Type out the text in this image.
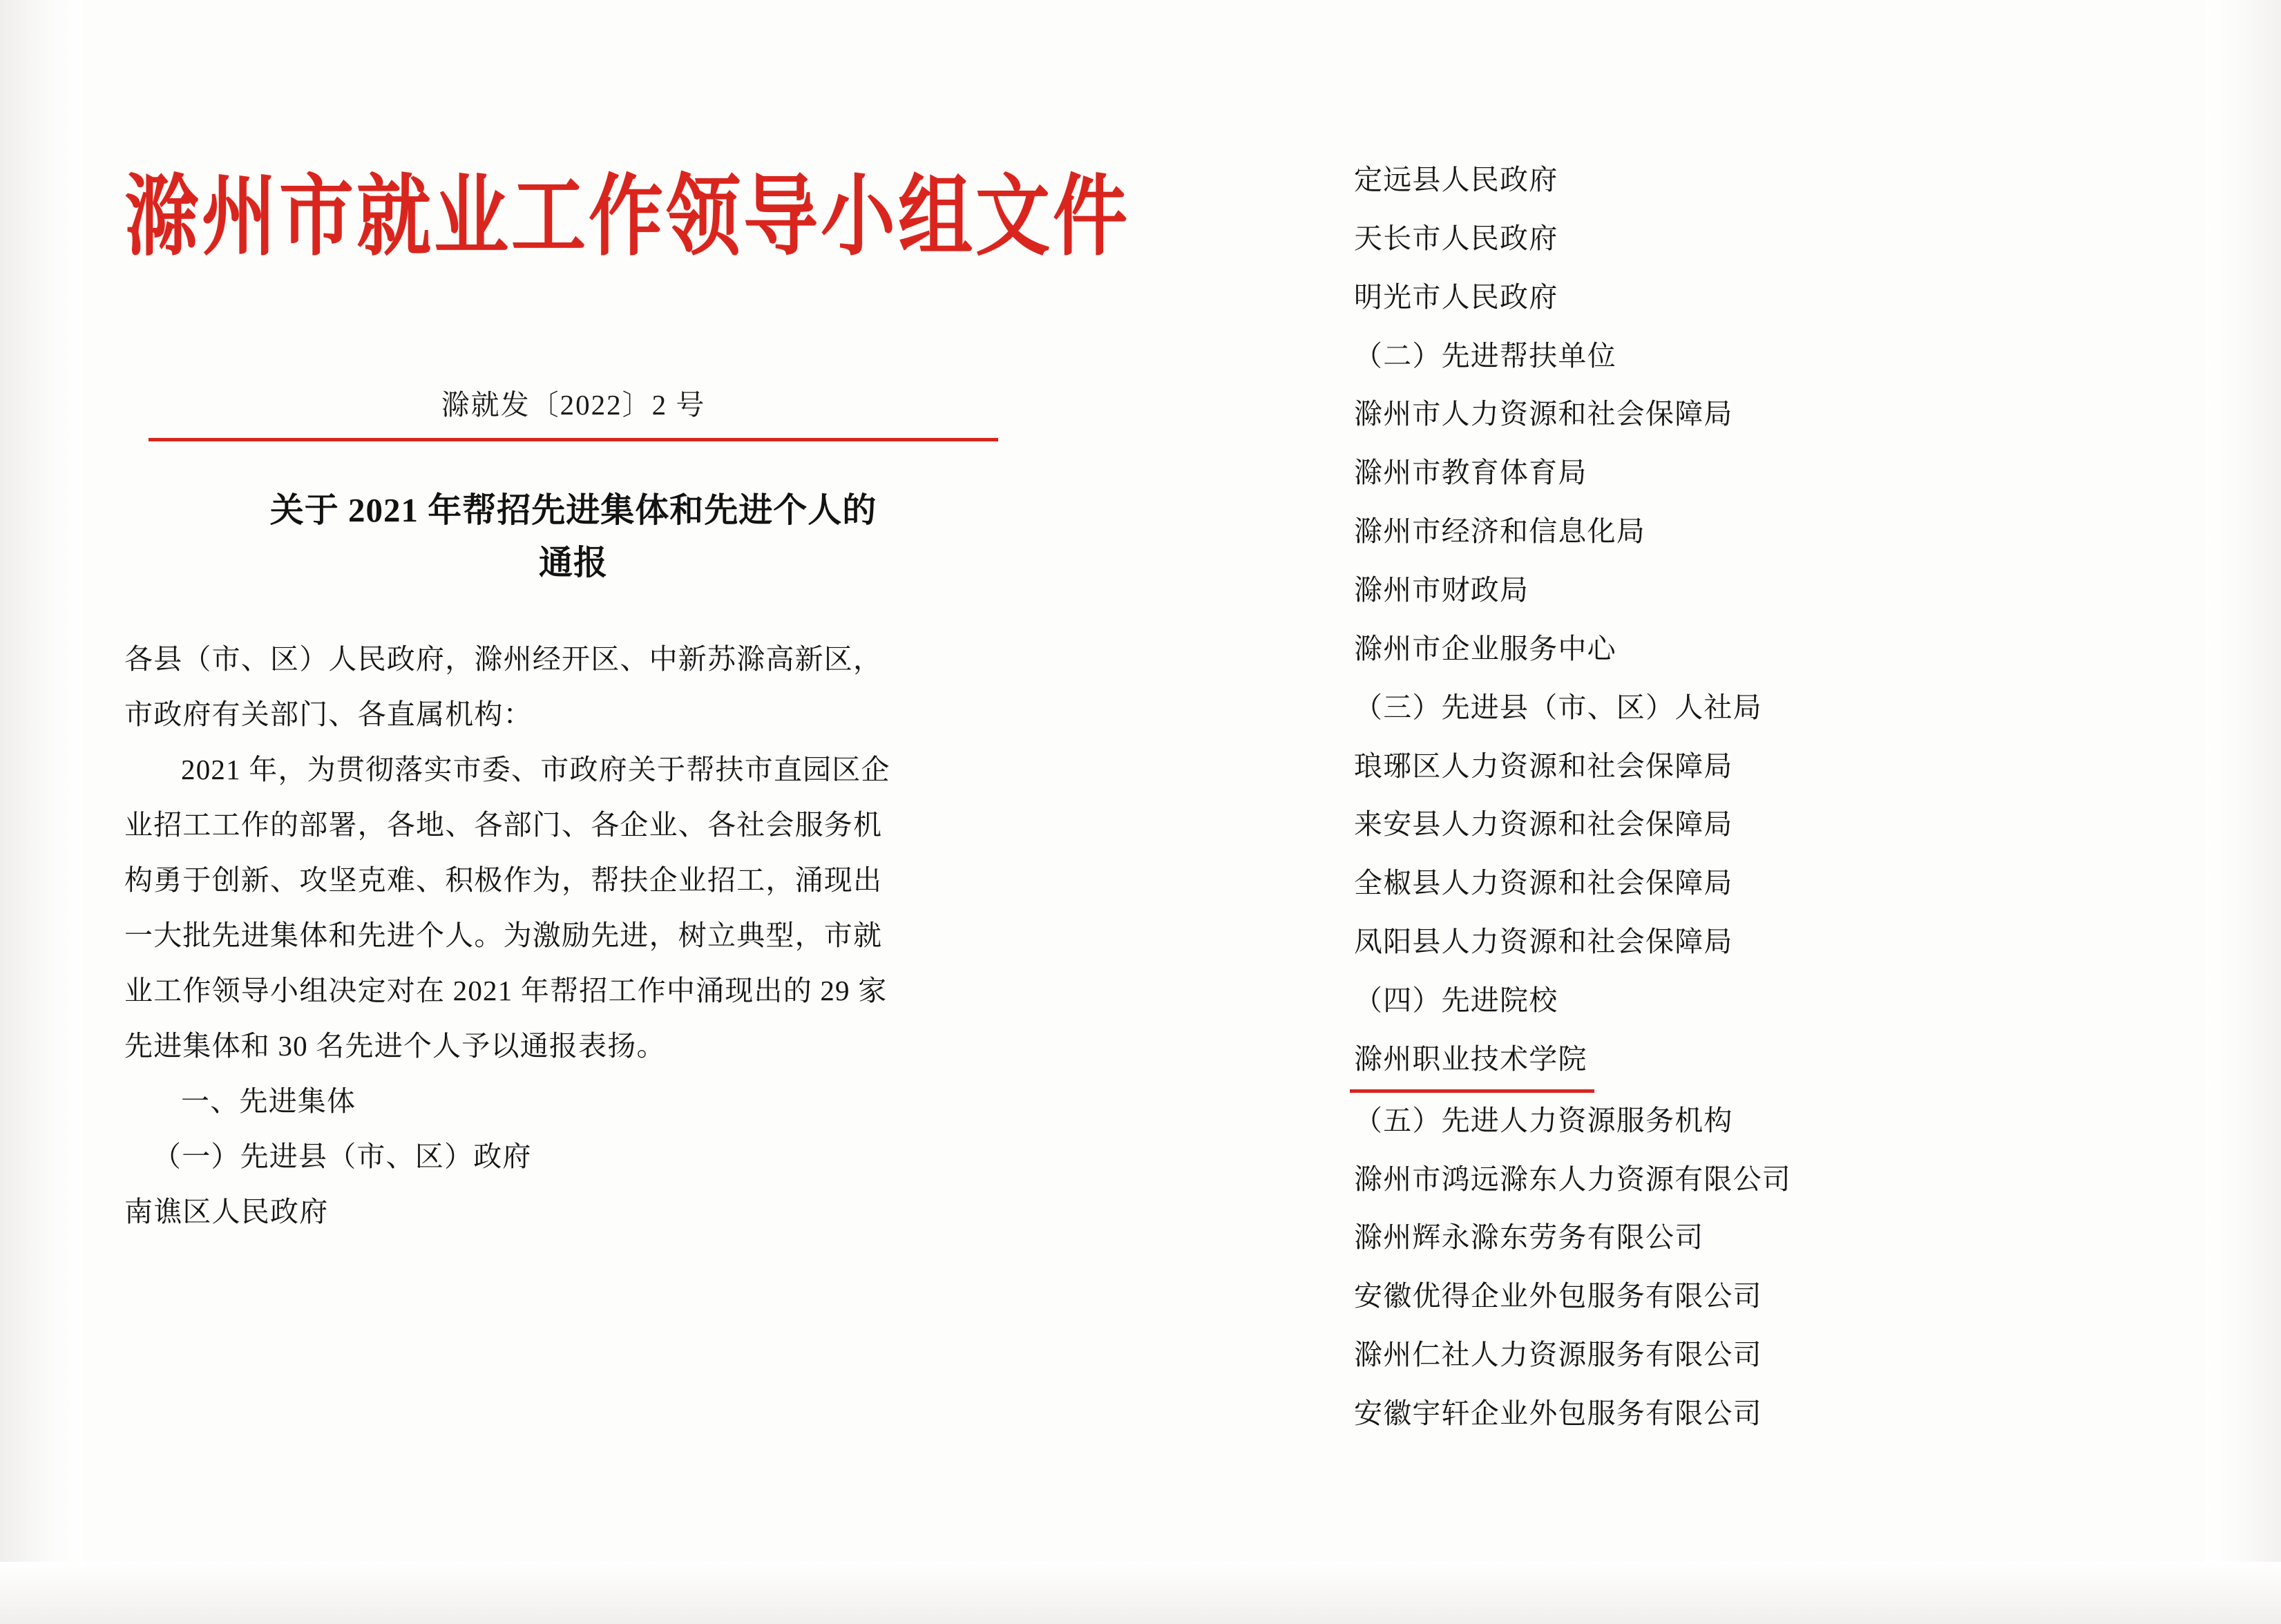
滁州市就业工作领导小组文件
滁就发〔2022〕2 号
关于 2021 年帮招先进集体和先进个人的
通报

各县（市、区）人民政府，滁州经开区、中新苏滁高新区，

市政府有关部门、各直属机构：

2021 年，为贯彻落实市委、市政府关于帮扶市直园区企

业招工工作的部署，各地、各部门、各企业、各社会服务机

构勇于创新、攻坚克难、积极作为，帮扶企业招工，涌现出

一大批先进集体和先进个人。为激励先进，树立典型，市就

业工作领导小组决定对在 2021 年帮招工作中涌现出的 29 家

先进集体和 30 名先进个人予以通报表扬。

一、先进集体

（一）先进县（市、区）政府

南谯区人民政府

定远县人民政府
天长市人民政府
明光市人民政府
（二）先进帮扶单位
滁州市人力资源和社会保障局
滁州市教育体育局
滁州市经济和信息化局
滁州市财政局
滁州市企业服务中心
（三）先进县（市、区）人社局
琅琊区人力资源和社会保障局
来安县人力资源和社会保障局
全椒县人力资源和社会保障局
凤阳县人力资源和社会保障局
（四）先进院校
滁州职业技术学院
（五）先进人力资源服务机构
滁州市鸿远滁东人力资源有限公司
滁州辉永滁东劳务有限公司
安徽优得企业外包服务有限公司
滁州仁社人力资源服务有限公司
安徽宇轩企业外包服务有限公司
